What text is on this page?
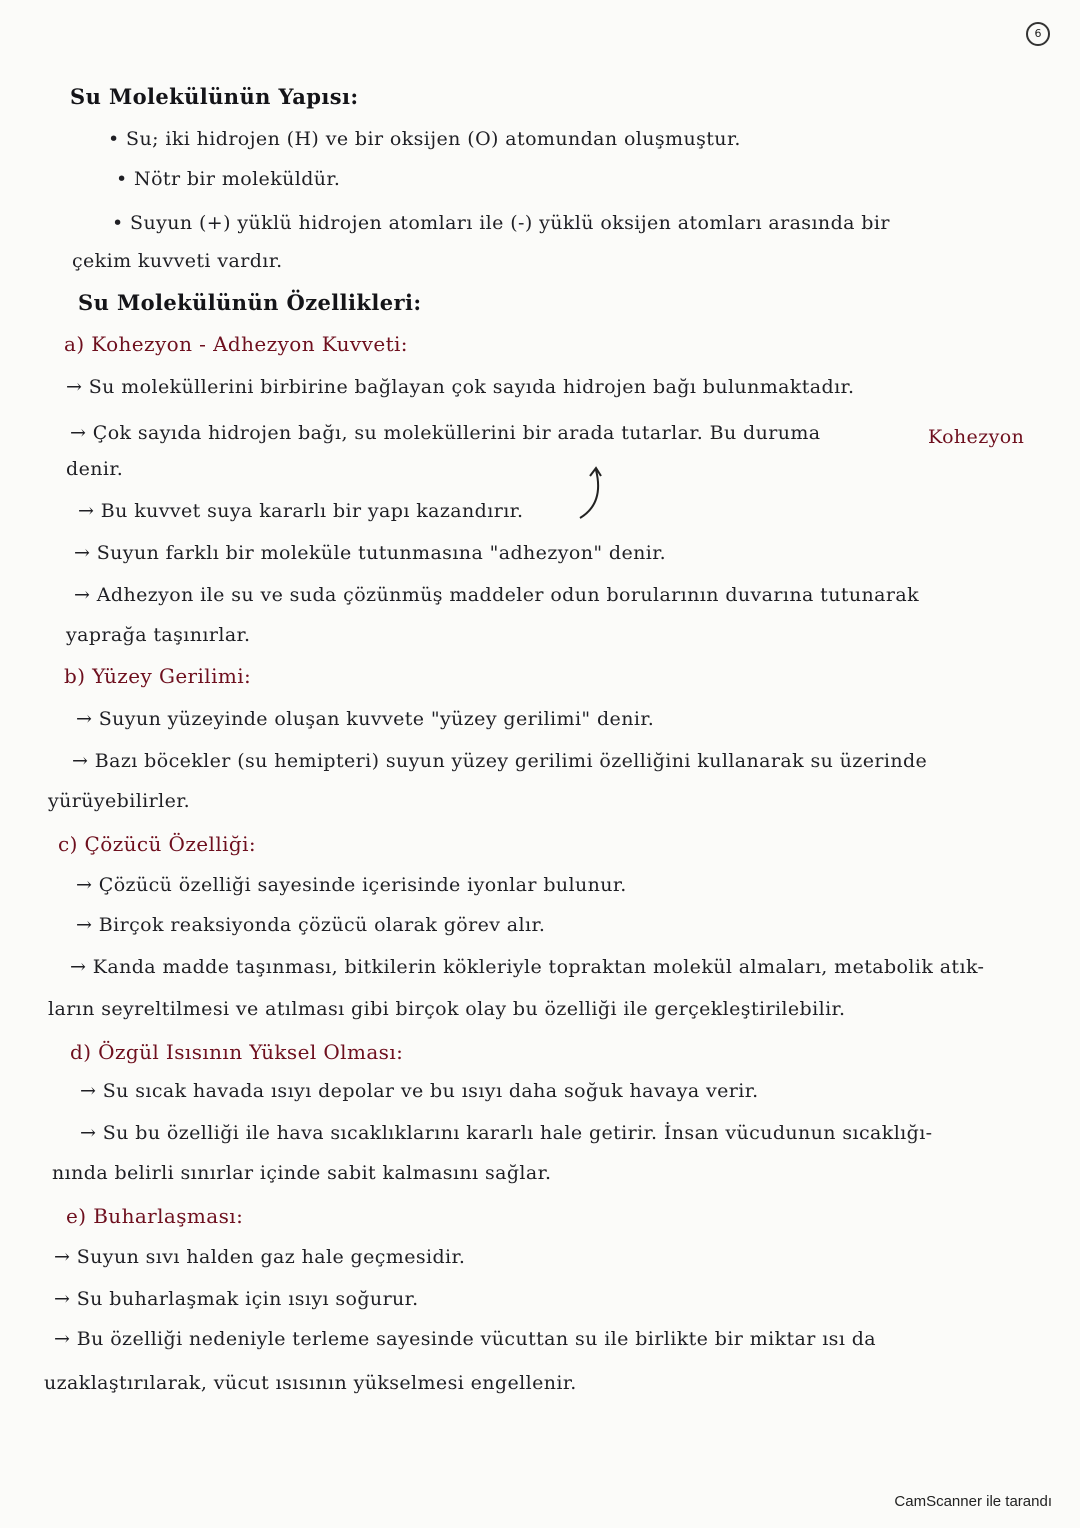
6
Su Molekülünün Yapısı:
• Su; iki hidrojen (H) ve bir oksijen (O) atomundan oluşmuştur.
• Nötr bir moleküldür.
• Suyun (+) yüklü hidrojen atomları ile (-) yüklü oksijen atomları arasında bir
çekim kuvveti vardır.
Su Molekülünün Özellikleri:
a) Kohezyon - Adhezyon Kuvveti:
→ Su moleküllerini birbirine bağlayan çok sayıda hidrojen bağı bulunmaktadır.
→ Çok sayıda hidrojen bağı, su moleküllerini bir arada tutarlar. Bu duruma	Kohezyon
denir.
→ Bu kuvvet suya kararlı bir yapı kazandırır.
→ Suyun farklı bir moleküle tutunmasına "adhezyon" denir.
→ Adhezyon ile su ve suda çözünmüş maddeler odun borularının duvarına tutunarak
yaprağa taşınırlar.
b) Yüzey Gerilimi:
→ Suyun yüzeyinde oluşan kuvvete "yüzey gerilimi" denir.
→ Bazı böcekler (su hemipteri) suyun yüzey gerilimi özelliğini kullanarak su üzerinde
yürüyebilirler.
c) Çözücü Özelliği:
→ Çözücü özelliği sayesinde içerisinde iyonlar bulunur.
→ Birçok reaksiyonda çözücü olarak görev alır.
→ Kanda madde taşınması, bitkilerin kökleriyle topraktan molekül almaları, metabolik atık-
ların seyreltilmesi ve atılması gibi birçok olay bu özelliği ile gerçekleştirilebilir.
d) Özgül Isısının Yüksel Olması:
→ Su sıcak havada ısıyı depolar ve bu ısıyı daha soğuk havaya verir.
→ Su bu özelliği ile hava sıcaklıklarını kararlı hale getirir. İnsan vücudunun sıcaklığı-
nında belirli sınırlar içinde sabit kalmasını sağlar.
e) Buharlaşması:
→ Suyun sıvı halden gaz hale geçmesidir.
→ Su buharlaşmak için ısıyı soğurur.
→ Bu özelliği nedeniyle terleme sayesinde vücuttan su ile birlikte bir miktar ısı da
uzaklaştırılarak, vücut ısısının yükselmesi engellenir.
CamScanner ile tarandı
